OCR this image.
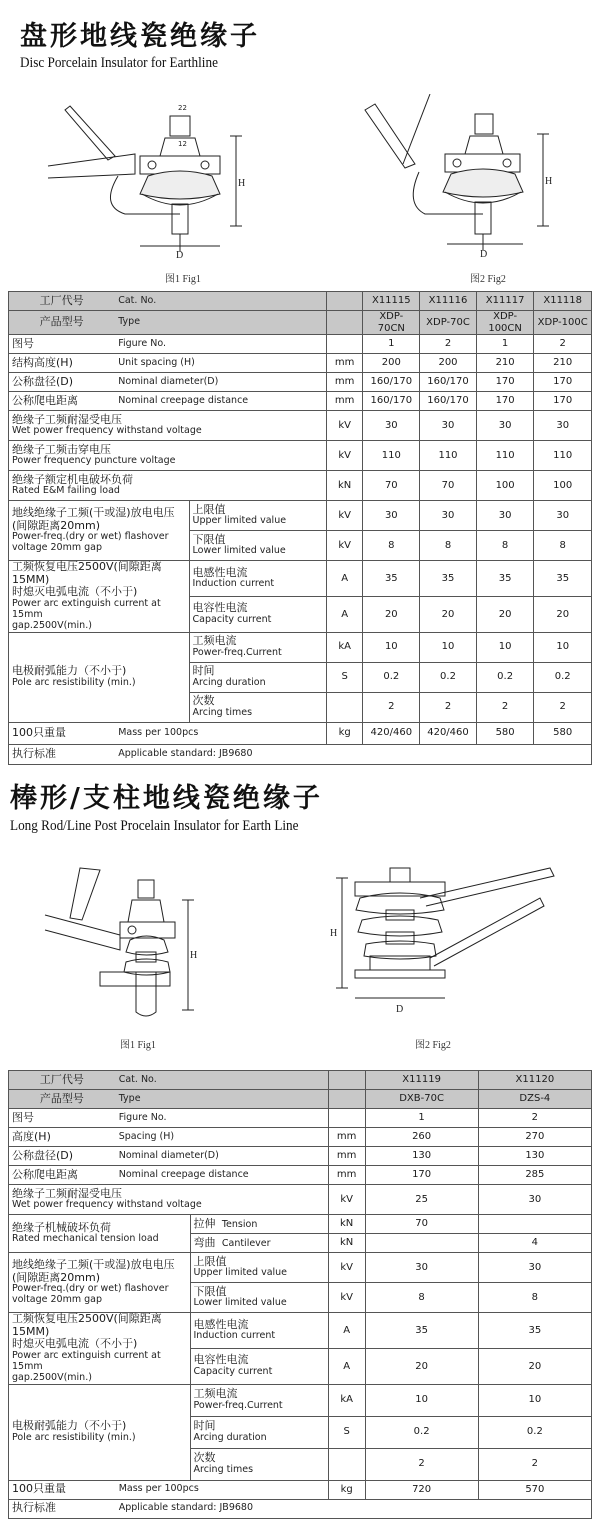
盘形地线瓷绝缘子
Disc Porcelain Insulator for Earthline
H
D
22
12
图1 Fig1
H
D
图2 Fig2
工厂代号	Cat. No.			X11115	X11116	X11117	X11118
产品型号	Type			XDP-70CN	XDP-70C	XDP-100CN	XDP-100C
图号	Figure No.			1	2	1	2
结构高度(H)	Unit spacing (H)		mm	200	200	210	210
公称盘径(D)	Nominal diameter(D)		mm	160/170	160/170	170	170
公称爬电距离	Nominal creepage distance		mm	160/170	160/170	170	170

绝缘子工频耐湿受电压
Wet power frequency withstand voltage			kV	30	30	30	30

绝缘子工频击穿电压
Power frequency puncture voltage			kV	110	110	110	110

绝缘子额定机电破坏负荷
Rated E&M failing load			kN	70	70	100	100

地线绝缘子工频(干或湿)放电电压
(间隙距离20mm)
Power-freq.(dry or wet) flashover
voltage 20mm gap		上限值
Upper limited value	kV	30	30	30	30

		下限值
Lower limited value	kV	8	8	8	8

工频恢复电压2500V(间隙距离15MM)
时熄灭电弧电流（不小于)
Power arc extinguish current at 15mm
gap.2500V(min.)		电感性电流
Induction current	A	35	35	35	35

		电容性电流
Capacity current	A	20	20	20	20

电极耐弧能力（不小于)
Pole arc resistibility (min.)		工频电流
Power-freq.Current	kA	10	10	10	10

		时间
Arcing duration	S	0.2	0.2	0.2	0.2

		次数
Arcing times		2	2	2	2
100只重量	Mass per 100pcs		kg	420/460	420/460	580	580
执行标准	Applicable standard: JB9680						
棒形/支柱地线瓷绝缘子
Long Rod/Line Post Procelain Insulator for Earth Line
H
图1 Fig1
H
D
图2 Fig2
工厂代号	Cat. No.			X11119	X11120
产品型号	Type			DXB-70C	DZS-4
图号	Figure No.			1	2
高度(H)	Spacing (H)		mm	260	270
公称盘径(D)	Nominal diameter(D)		mm	130	130
公称爬电距离	Nominal creepage distance		mm	170	285

绝缘子工频耐湿受电压
Wet power frequency withstand voltage			kV	25	30

绝缘子机械破坏负荷
Rated mechanical tension load		拉伸 Tension	kN	70	
		弯曲 Cantilever	kN		4

地线绝缘子工频(干或湿)放电电压
(间隙距离20mm)
Power-freq.(dry or wet) flashover
voltage 20mm gap		上限值
Upper limited value	kV	30	30

		下限值
Lower limited value	kV	8	8

工频恢复电压2500V(间隙距离15MM)
时熄灭电弧电流（不小于)
Power arc extinguish current at 15mm
gap.2500V(min.)		电感性电流
Induction current	A	35	35

		电容性电流
Capacity current	A	20	20

电极耐弧能力（不小于)
Pole arc resistibility (min.)		工频电流
Power-freq.Current	kA	10	10

		时间
Arcing duration	S	0.2	0.2

		次数
Arcing times		2	2
100只重量	Mass per 100pcs		kg	720	570
执行标准	Applicable standard: JB9680				
